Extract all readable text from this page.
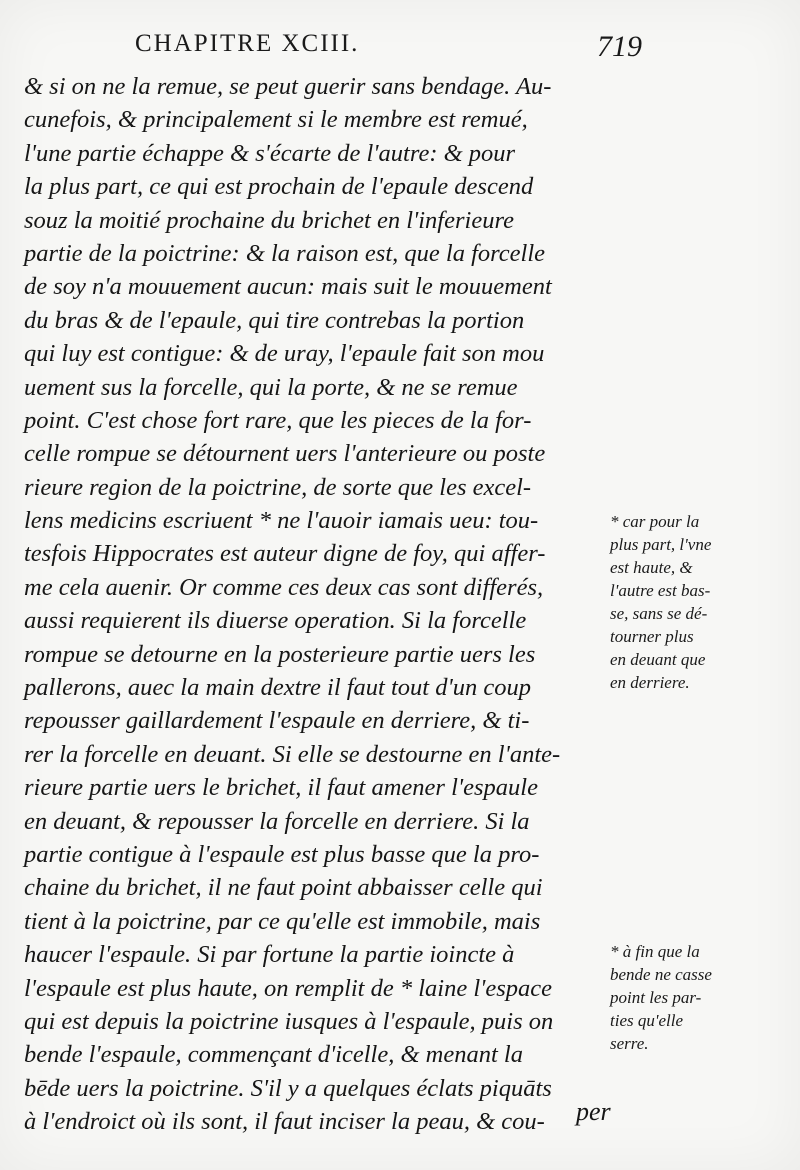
CHAPITRE XCIII.	719
& si on ne la remue, se peut guerir sans bendage. Au-
cunefois, & principalement si le membre est remué,
l'une partie échappe & s'écarte de l'autre: & pour
la plus part, ce qui est prochain de l'epaule descend
souz la moitié prochaine du brichet en l'inferieure
partie de la poictrine: & la raison est, que la forcelle
de soy n'a mouuement aucun: mais suit le mouuement
du bras & de l'epaule, qui tire contrebas la portion
qui luy est contigue: & de uray, l'epaule fait son mou
uement sus la forcelle, qui la porte, & ne se remue
point. C'est chose fort rare, que les pieces de la for-
celle rompue se détournent uers l'anterieure ou poste
rieure region de la poictrine, de sorte que les excel-
lens medicins escriuent * ne l'auoir iamais ueu: tou-
tesfois Hippocrates est auteur digne de foy, qui affer-
me cela auenir. Or comme ces deux cas sont differés,
aussi requierent ils diuerse operation. Si la forcelle
rompue se detourne en la posterieure partie uers les
pallerons, auec la main dextre il faut tout d'un coup
repousser gaillardement l'espaule en derriere, & ti-
rer la forcelle en deuant. Si elle se destourne en l'ante-
rieure partie uers le brichet, il faut amener l'espaule
en deuant, & repousser la forcelle en derriere. Si la
partie contigue à l'espaule est plus basse que la pro-
chaine du brichet, il ne faut point abbaisser celle qui
tient à la poictrine, par ce qu'elle est immobile, mais
haucer l'espaule. Si par fortune la partie ioincte à
l'espaule est plus haute, on remplit de * laine l'espace
qui est depuis la poictrine iusques à l'espaule, puis on
bende l'espaule, commençant d'icelle, & menant la
bēde uers la poictrine. S'il y a quelques éclats piquāts
à l'endroict où ils sont, il faut inciser la peau, & cou-
* car pour la
plus part, l'vne
est haute, &
l'autre est bas-
se, sans se dé-
tourner plus
en deuant que
en derriere.
* à fin que la
bende ne casse
point les par-
ties qu'elle
serre.
per
